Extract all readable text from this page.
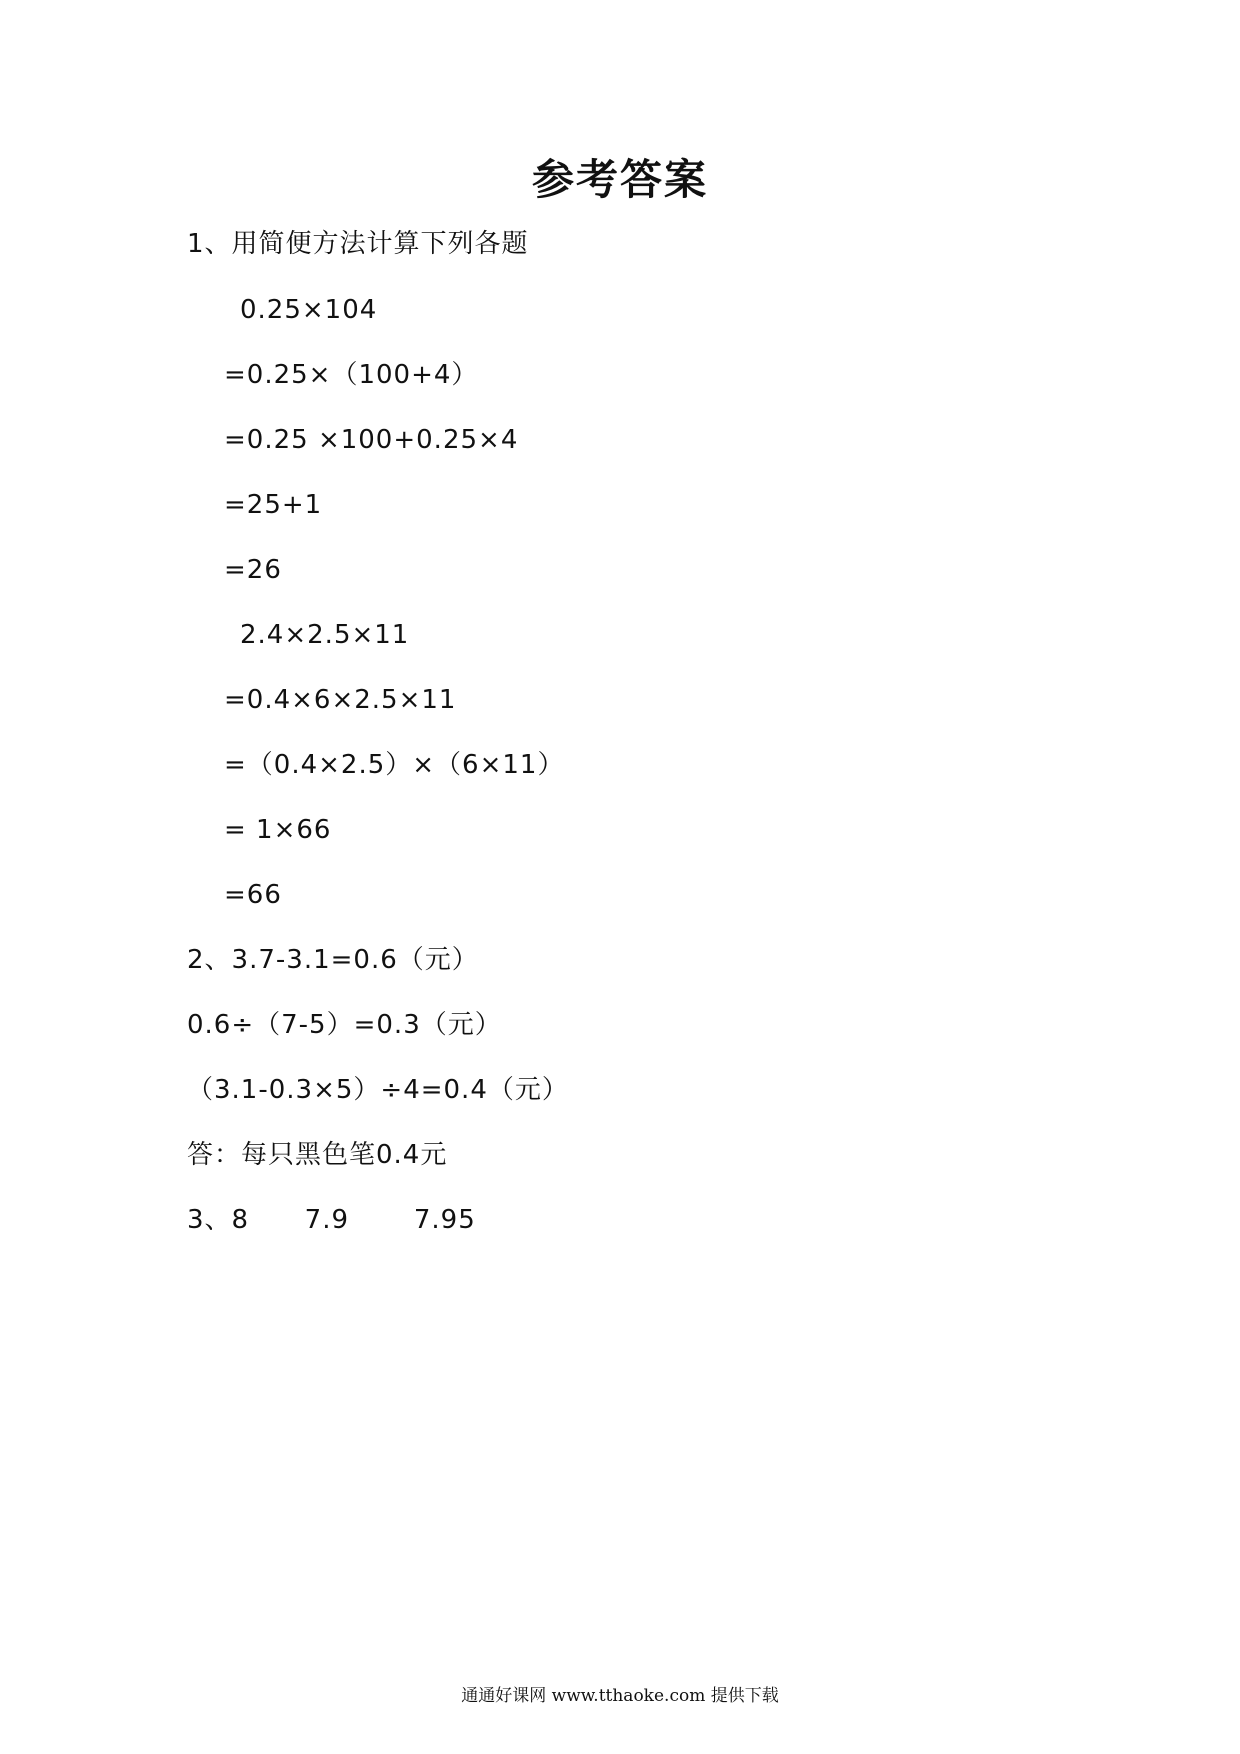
参考答案
1、用简便方法计算下列各题
0.25×104
=0.25×（100+4）
=0.25 ×100+0.25×4
=25+1
=26
2.4×2.5×11
=0.4×6×2.5×11
=（0.4×2.5）×（6×11）
= 1×66
=66
2、3.7-3.1=0.6（元）
0.6÷（7-5）=0.3（元）
（3.1-0.3×5）÷4=0.4（元）
答：每只黑色笔0.4元
3、8      7.9       7.95
通通好课网 www.tthaoke.com 提供下载
